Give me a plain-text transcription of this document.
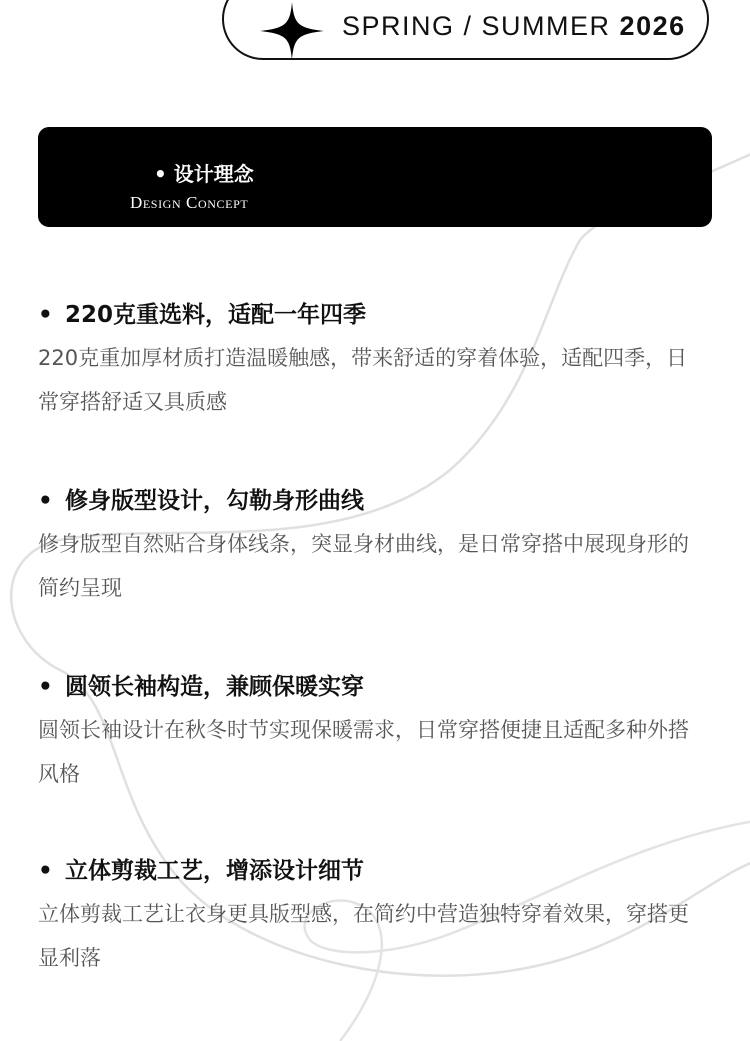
SPRING / SUMMER 2026
• 设计理念
Design Concept
• 220克重选料，适配一年四季
220克重加厚材质打造温暖触感，带来舒适的穿着体验，适配四季，日常穿搭舒适又具质感
• 修身版型设计，勾勒身形曲线
修身版型自然贴合身体线条，突显身材曲线，是日常穿搭中展现身形的简约呈现
• 圆领长袖构造，兼顾保暖实穿
圆领长袖设计在秋冬时节实现保暖需求，日常穿搭便捷且适配多种外搭风格
• 立体剪裁工艺，增添设计细节
立体剪裁工艺让衣身更具版型感，在简约中营造独特穿着效果，穿搭更显利落
